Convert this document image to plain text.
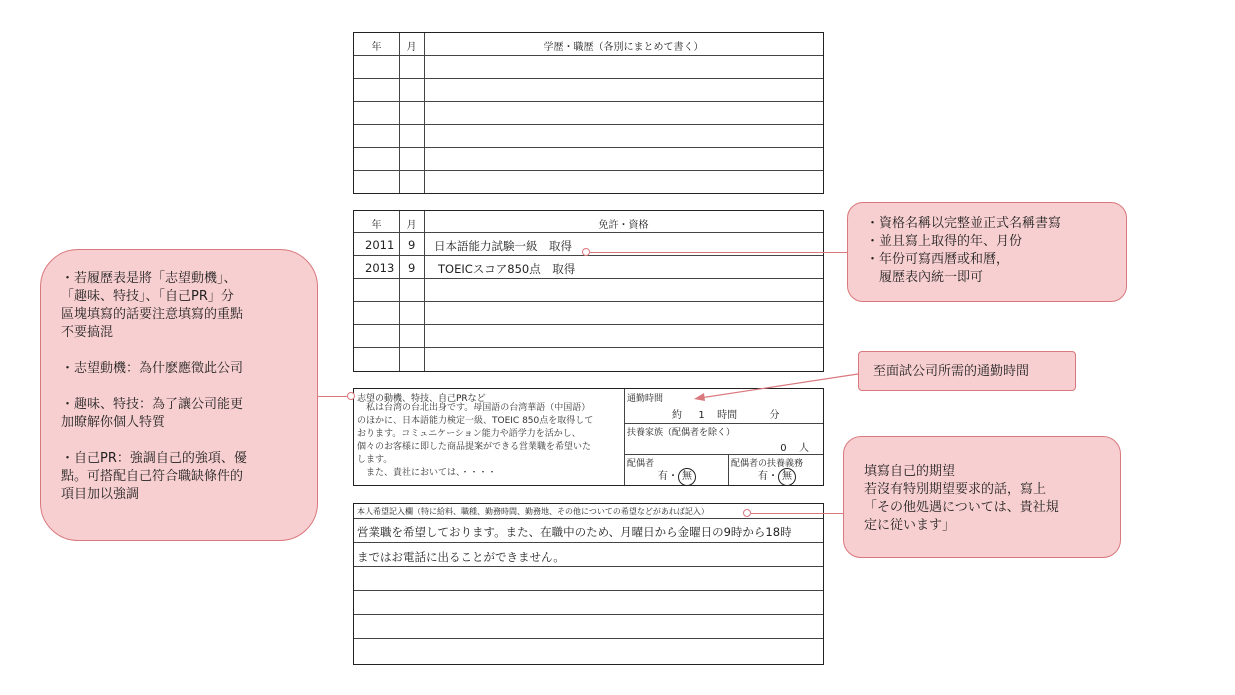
年	月	学歴・職歴（各別にまとめて書く）
年	月	免許・資格
2011 9 日本語能力試験一級　取得
2013 9 TOEICスコア850点　取得
志望の動機、特技、自己PRなど
　私は台湾の台北出身です。母国語の台湾華語（中国語）
のほかに、日本語能力検定一級、TOEIC 850点を取得して
おります。コミュニケーション能力や語学力を活かし、
個々のお客様に即した商品提案ができる営業職を希望いた
します。
　また、貴社においては、・・・・
通勤時間
約 1 時間	分
扶養家族（配偶者を除く）
0 人
配偶者
有・ 無
配偶者の扶養義務
有・ 無
本人希望記入欄（特に給料、職種、勤務時間、勤務地、その他についての希望などがあれば記入）
営業職を希望しております。また、在職中のため、月曜日から金曜日の9時から18時
まではお電話に出ることができません。
・若履歷表是將「志望動機」、
「趣味、特技」、「自己PR」分
區塊填寫的話要注意填寫的重點
不要搞混
・志望動機：為什麽應徵此公司
・趣味、特技：為了讓公司能更
加瞭解你個人特質
・自己PR：強調自己的強項、優
點。可搭配自己符合職缺條件的
項目加以強調
・資格名稱以完整並正式名稱書寫
・並且寫上取得的年、月份
・年份可寫西曆或和曆，
　履歷表內統一即可
至面試公司所需的通勤時間
填寫自己的期望
若沒有特別期望要求的話，寫上
「その他処遇については、貴社規
定に従います」
